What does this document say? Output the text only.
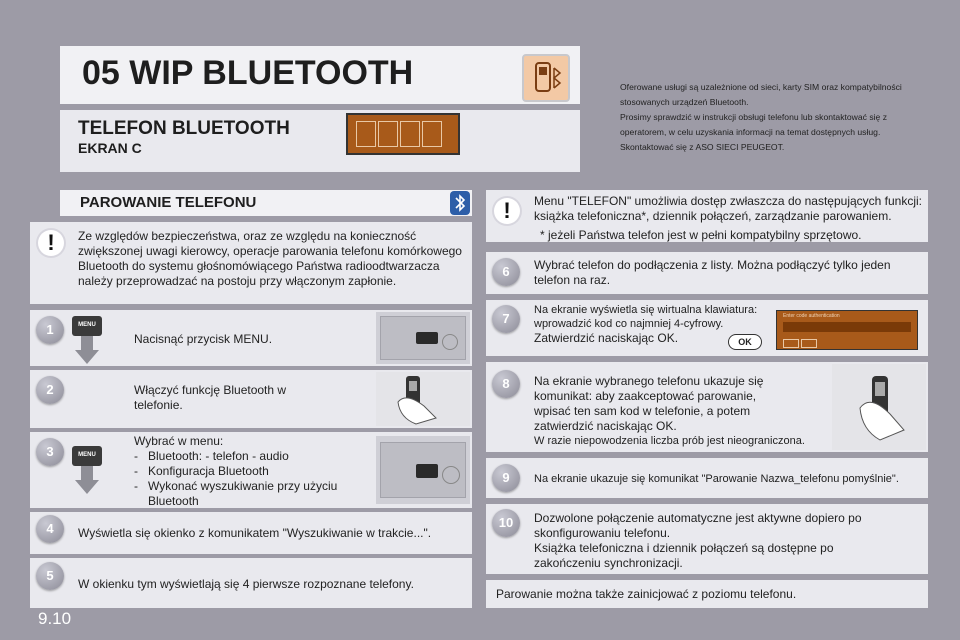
05 WIP BLUETOOTH
TELEFON BLUETOOTH
EKRAN C
Oferowane usługi są uzależnione od sieci, karty SIM oraz kompatybilności
stosowanych urządzeń Bluetooth.
Prosimy sprawdzić w instrukcji obsługi telefonu lub skontaktować się z
operatorem, w celu uzyskania informacji na temat dostępnych usług.
Skontaktować się z ASO SIECI PEUGEOT.
PAROWANIE TELEFONU
!	Ze względów bezpieczeństwa, oraz ze względu na konieczność zwiększonej uwagi kierowcy, operacje parowania telefonu komórkowego Bluetooth do systemu głośnomówiącego Państwa radioodtwarzacza należy przeprowadzać na postoju przy włączonym zapłonie.
1	MENU
Nacisnąć przycisk MENU.
2	Włączyć funkcję Bluetooth w telefonie.
3	MENU
Wybrać w menu:
- Bluetooth: - telefon - audio
- Konfiguracja Bluetooth
- Wykonać wyszukiwanie przy użyciu Bluetooth
4	Wyświetla się okienko z komunikatem "Wyszukiwanie w trakcie...".
5
W okienku tym wyświetlają się 4 pierwsze rozpoznane telefony.
!	Menu "TELEFON" umożliwia dostęp zwłaszcza do następujących funkcji: książka telefoniczna*, dziennik połączeń, zarządzanie parowaniem.
* jeżeli Państwa telefon jest w pełni kompatybilny sprzętowo.
6	Wybrać telefon do podłączenia z listy. Można podłączyć tylko jeden telefon na raz.
7
Na ekranie wyświetla się wirtualna klawiatura: wprowadzić kod co najmniej 4-cyfrowy.
Zatwierdzić naciskając OK.	OK
Enter code authentication
8	Na ekranie wybranego telefonu ukazuje się komunikat: aby zaakceptować parowanie, wpisać ten sam kod w telefonie, a potem zatwierdzić naciskając OK.
W razie niepowodzenia liczba prób jest nieograniczona.
9	Na ekranie ukazuje się komunikat "Parowanie Nazwa_telefonu pomyślnie".
10	Dozwolone połączenie automatyczne jest aktywne dopiero po skonfigurowaniu telefonu.
Książka telefoniczna i dziennik połączeń są dostępne po zakończeniu synchronizacji.
Parowanie można także zainicjować z poziomu telefonu.
9.10
